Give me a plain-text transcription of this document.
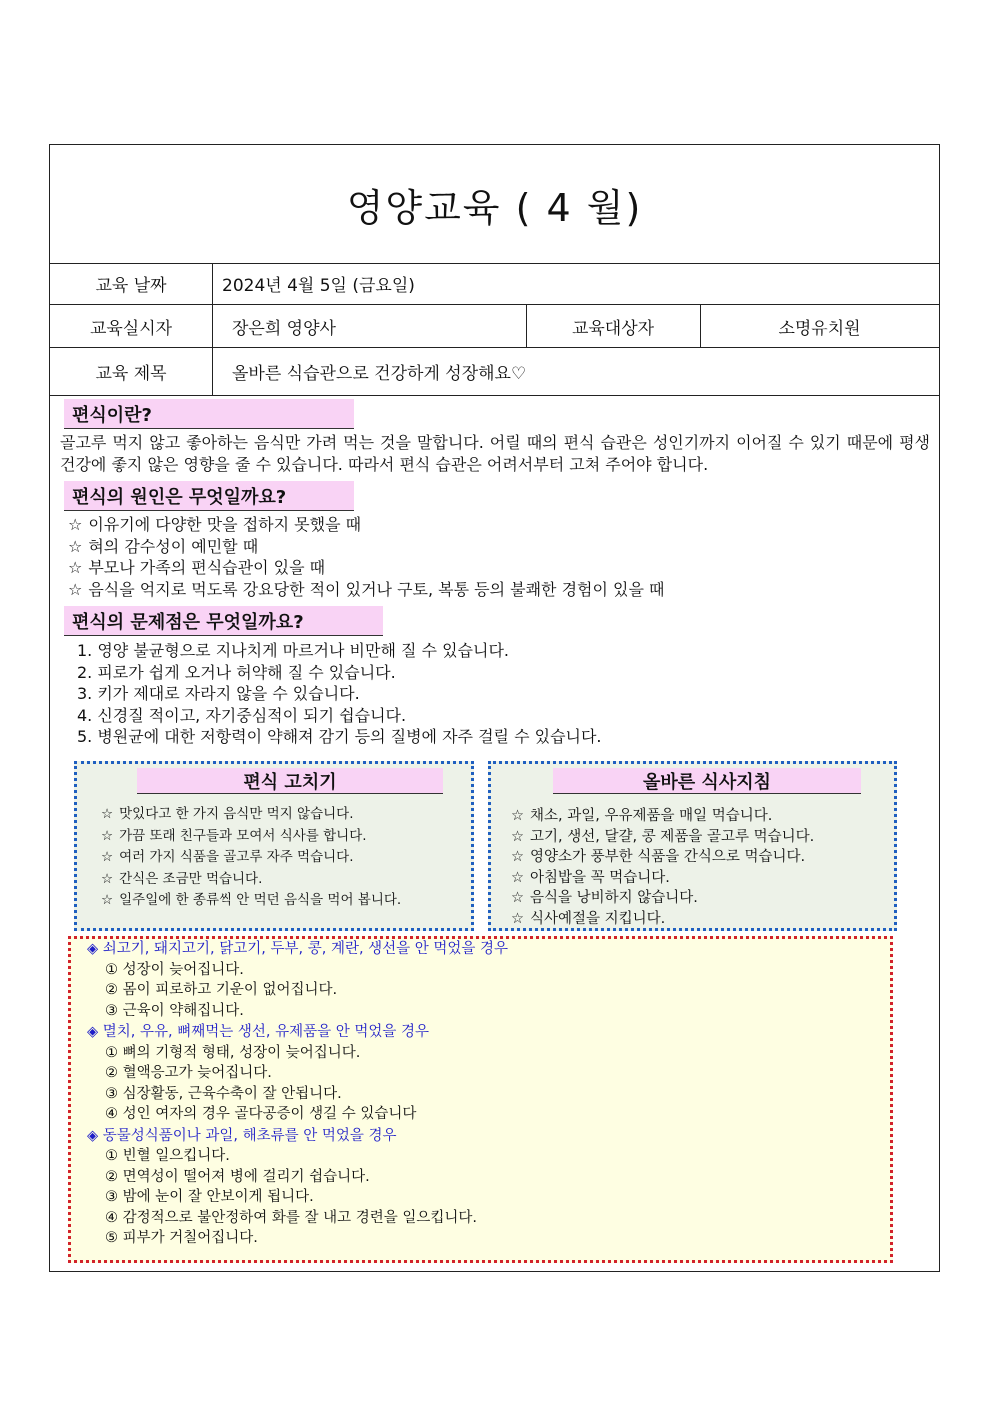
영양교육 ( 4 월)
교육 날짜	2024년 4월 5일 (금요일)
교육실시자	장은희 영양사	교육대상자	소명유치원
교육 제목	올바른 식습관으로 건강하게 성장해요♡
편식이란?
골고루 먹지 않고 좋아하는 음식만 가려 먹는 것을 말합니다. 어릴 때의 편식 습관은 성인기까지 이어질 수 있기 때문에 평생 건강에 좋지 않은 영향을 줄 수 있습니다. 따라서 편식 습관은 어려서부터 고쳐 주어야 합니다.
편식의 원인은 무엇일까요?
☆ 이유기에 다양한 맛을 접하지 못했을 때
☆ 혀의 감수성이 예민할 때
☆ 부모나 가족의 편식습관이 있을 때
☆ 음식을 억지로 먹도록 강요당한 적이 있거나 구토, 복통 등의 불쾌한 경험이 있을 때
편식의 문제점은 무엇일까요?
1. 영양 불균형으로 지나치게 마르거나 비만해 질 수 있습니다.
2. 피로가 쉽게 오거나 허약해 질 수 있습니다.
3. 키가 제대로 자라지 않을 수 있습니다.
4. 신경질 적이고, 자기중심적이 되기 쉽습니다.
5. 병원균에 대한 저항력이 약해져 감기 등의 질병에 자주 걸릴 수 있습니다.
편식 고치기
☆ 맛있다고 한 가지 음식만 먹지 않습니다.
☆ 가끔 또래 친구들과 모여서 식사를 합니다.
☆ 여러 가지 식품을 골고루 자주 먹습니다.
☆ 간식은 조금만 먹습니다.
☆ 일주일에 한 종류씩 안 먹던 음식을 먹어 봅니다.
올바른 식사지침
☆ 채소, 과일, 우유제품을 매일 먹습니다.
☆ 고기, 생선, 달걀, 콩 제품을 골고루 먹습니다.
☆ 영양소가 풍부한 식품을 간식으로 먹습니다.
☆ 아침밥을 꼭 먹습니다.
☆ 음식을 낭비하지 않습니다.
☆ 식사예절을 지킵니다.
◈ 쇠고기, 돼지고기, 닭고기, 두부, 콩, 계란, 생선을 안 먹었을 경우
① 성장이 늦어집니다.
② 몸이 피로하고 기운이 없어집니다.
③ 근육이 약해집니다.
◈ 멸치, 우유, 뼈째먹는 생선, 유제품을 안 먹었을 경우
① 뼈의 기형적 형태, 성장이 늦어집니다.
② 혈액응고가 늦어집니다.
③ 심장활동, 근육수축이 잘 안됩니다.
④ 성인 여자의 경우 골다공증이 생길 수 있습니다
◈ 동물성식품이나 과일, 해초류를 안 먹었을 경우
① 빈혈 일으킵니다.
② 면역성이 떨어져 병에 걸리기 쉽습니다.
③ 밤에 눈이 잘 안보이게 됩니다.
④ 감정적으로 불안정하여 화를 잘 내고 경련을 일으킵니다.
⑤ 피부가 거칠어집니다.
